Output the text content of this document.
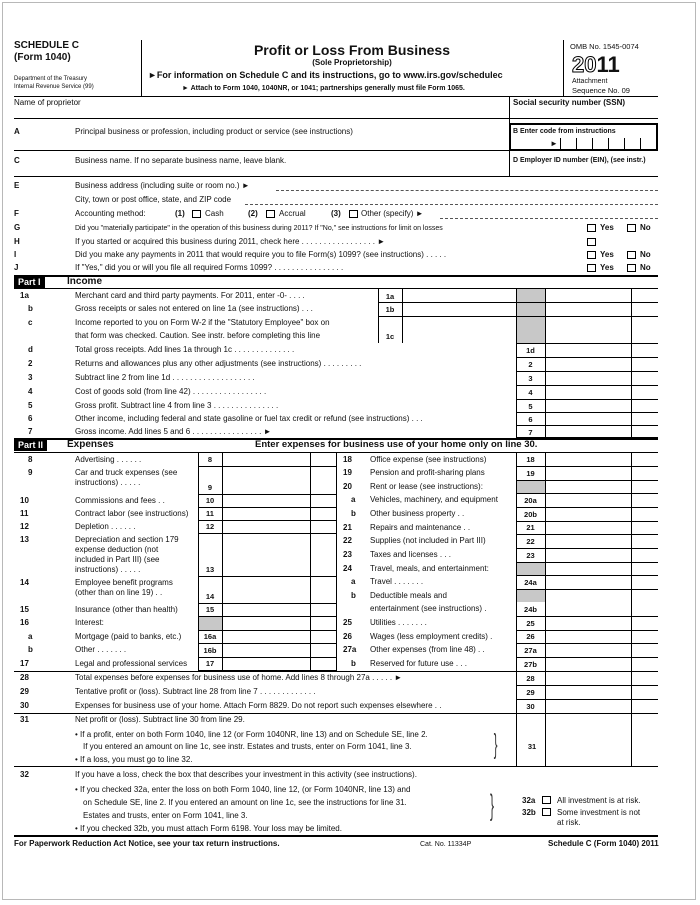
SCHEDULE C
(Form 1040)
Department of the Treasury
Internal Revenue Service (99)
Profit or Loss From Business
(Sole Proprietorship)
►For information on Schedule C and its instructions, go to www.irs.gov/schedulec
► Attach to Form 1040, 1040NR, or 1041; partnerships generally must file Form 1065.
OMB No. 1545-0074
2011
Attachment
Sequence No. 09
Name of proprietor	Social security number (SSN)
A	Principal business or profession, including product or service (see instructions)	B Enter code from instructions
►
C	Business name. If no separate business name, leave blank.	D Employer ID number (EIN), (see instr.)
E	Business address (including suite or room no.) ►
City, town or post office, state, and ZIP code
F	Accounting method:	(1)	Cash	(2)	Accrual	(3)	Other (specify) ►
G	Did you "materially participate" in the operation of this business during 2011? If "No," see instructions for limit on losses	Yes	No
H	If you started or acquired this business during 2011, check here . . . . . . . . . . . . . . . . . ►
I	Did you make any payments in 2011 that would require you to file Form(s) 1099? (see instructions) . . . . .	Yes	No
J	If "Yes," did you or will you file all required Forms 1099? . . . . . . . . . . . . . . . .	Yes	No
Part I	Income
1a	Merchant card and third party payments. For 2011, enter -0- . . . .	1a
b	Gross receipts or sales not entered on line 1a (see instructions) . . .	1b
c	Income reported to you on Form W-2 if the "Statutory Employee" box on
that form was checked. Caution. See instr. before completing this line	1c
d	Total gross receipts. Add lines 1a through 1c . . . . . . . . . . . . . .	1d
2	Returns and allowances plus any other adjustments (see instructions) . . . . . . . . .	2
3	Subtract line 2 from line 1d . . . . . . . . . . . . . . . . . . .	3
4	Cost of goods sold (from line 42) . . . . . . . . . . . . . . . . .	4
5	Gross profit. Subtract line 4 from line 3 . . . . . . . . . . . . . . .	5
6	Other income, including federal and state gasoline or fuel tax credit or refund (see instructions) . . .	6
7	Gross income. Add lines 5 and 6 . . . . . . . . . . . . . . . . ►	7
Part II	Expenses	Enter expenses for business use of your home only on line 30.
8	Advertising . . . . . .	8
9	Car and truck expenses (see
instructions) . . . . .
9
10	Commissions and fees . .	10
11	Contract labor (see instructions)	11
12	Depletion . . . . . .	12
13	Depreciation and section 179
expense deduction (not
included in Part III) (see
instructions) . . . . .	13
14	Employee benefit programs
(other than on line 19) . .	14
15	Insurance (other than health)	15
16	Interest:
a	Mortgage (paid to banks, etc.)	16a
b	Other . . . . . . .	16b
17	Legal and professional services	17
18 Office expense (see instructions)	18
19 Pension and profit-sharing plans	19
20 Rent or lease (see instructions):
a Vehicles, machinery, and equipment	20a
b Other business property . .	20b
21 Repairs and maintenance . .	21
22 Supplies (not included in Part III)	22
23 Taxes and licenses . . .	23
24 Travel, meals, and entertainment:
a Travel . . . . . . .	24a
b Deductible meals and
entertainment (see instructions) .	24b
25 Utilities . . . . . . .	25
26 Wages (less employment credits) .	26
27a Other expenses (from line 48) . .	27a
b Reserved for future use . . .	27b
28	Total expenses before expenses for business use of home. Add lines 8 through 27a . . . . . ►	28
29	Tentative profit or (loss). Subtract line 28 from line 7 . . . . . . . . . . . . .	29
30	Expenses for business use of your home. Attach Form 8829. Do not report such expenses elsewhere . .	30
31	Net profit or (loss). Subtract line 30 from line 29.
• If a profit, enter on both Form 1040, line 12 (or Form 1040NR, line 13) and on Schedule SE, line 2.
If you entered an amount on line 1c, see instr. Estates and trusts, enter on Form 1041, line 3.
• If a loss, you must go to line 32.
}	31
32	If you have a loss, check the box that describes your investment in this activity (see instructions).
• If you checked 32a, enter the loss on both Form 1040, line 12, (or Form 1040NR, line 13) and
on Schedule SE, line 2. If you entered an amount on line 1c, see the instructions for line 31.
Estates and trusts, enter on Form 1041, line 3.
• If you checked 32b, you must attach Form 6198. Your loss may be limited.
}	32a	All investment is at risk.
32b	Some investment is not
at risk.
For Paperwork Reduction Act Notice, see your tax return instructions.	Cat. No. 11334P	Schedule C (Form 1040) 2011
